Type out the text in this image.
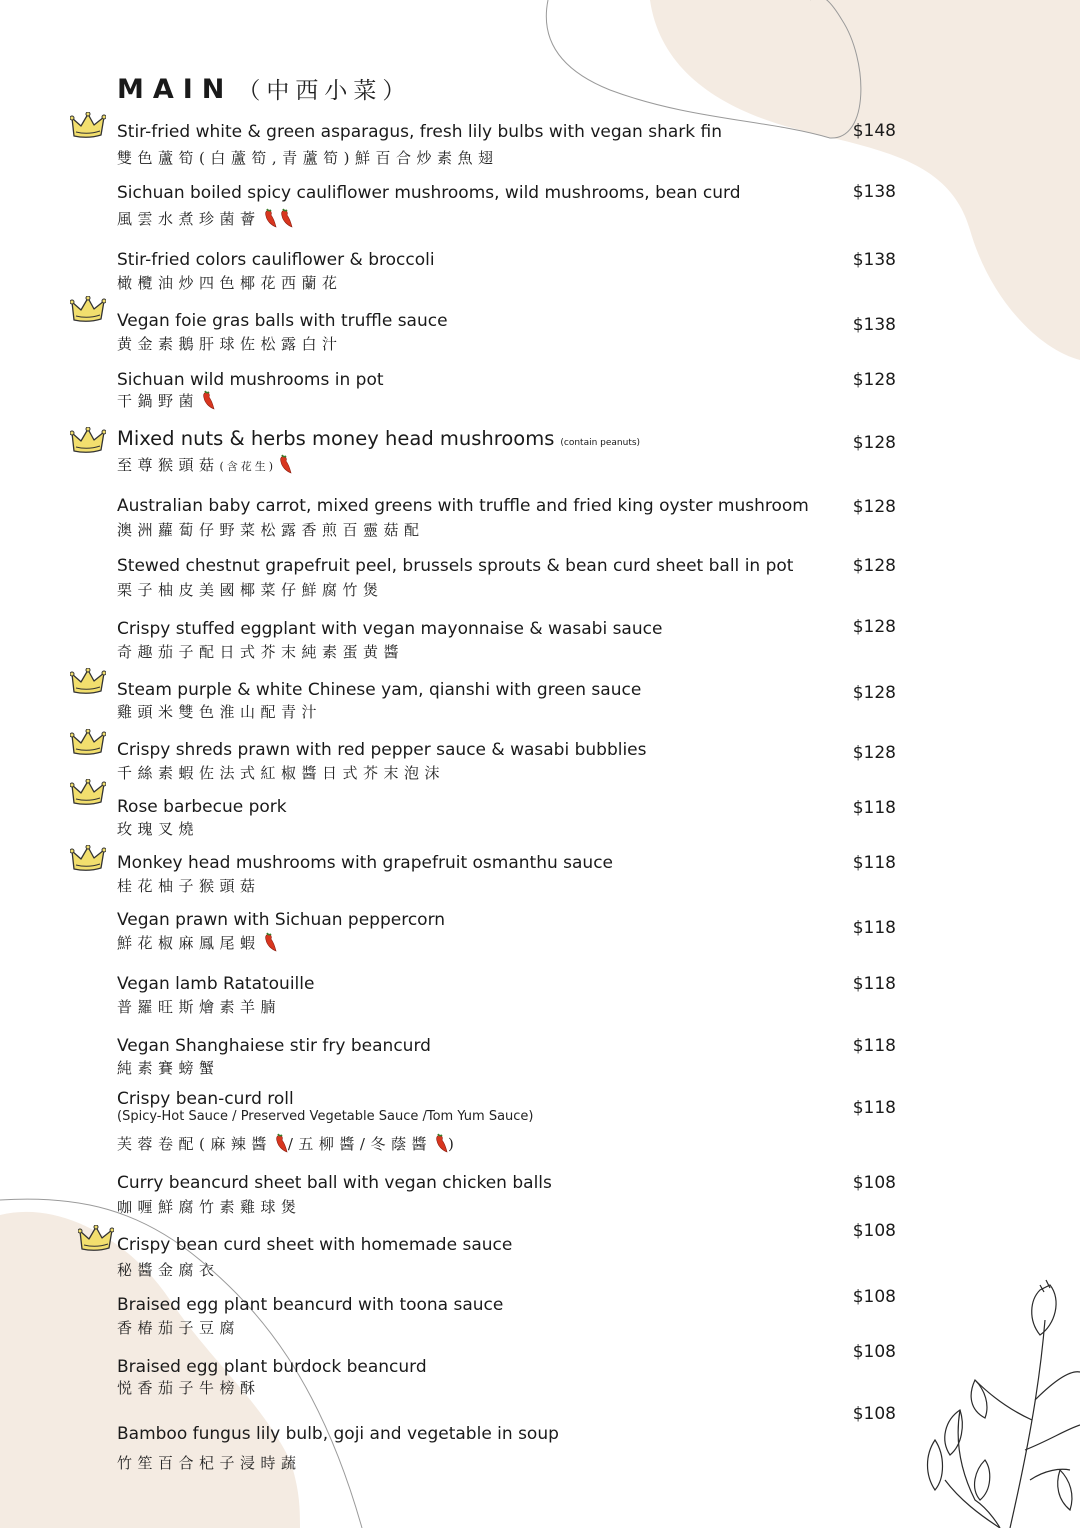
MAIN （中西小菜）
Stir-fried white & green asparagus, fresh lily bulbs with vegan shark fin
雙色蘆筍(白蘆筍,青蘆筍)鮮百合炒素魚翅
$148
Sichuan boiled spicy cauliflower mushrooms, wild mushrooms, bean curd
風雲水煮珍菌薈
$138
Stir-fried colors cauliflower & broccoli
橄欖油炒四色椰花西蘭花
$138
Vegan foie gras balls with truffle sauce
黄金素鵝肝球佐松露白汁
$138
Sichuan wild mushrooms in pot
干鍋野菌
$128
Mixed nuts & herbs money head mushrooms (contain peanuts)
至尊猴頭菇(含花生)
$128
Australian baby carrot, mixed greens with truffle and fried king oyster mushroom
澳洲蘿蔔仔野菜松露香煎百靈菇配
$128
Stewed chestnut grapefruit peel, brussels sprouts & bean curd sheet ball in pot
栗子柚皮美國椰菜仔鮮腐竹煲
$128
Crispy stuffed eggplant with vegan mayonnaise & wasabi sauce
奇趣茄子配日式芥末純素蛋黄醬
$128
Steam purple & white Chinese yam, qianshi with green sauce
雞頭米雙色淮山配青汁
$128
Crispy shreds prawn with red pepper sauce & wasabi bubblies
千絲素蝦佐法式紅椒醬日式芥末泡沫
$128
Rose barbecue pork
玫瑰叉燒
$118
Monkey head mushrooms with grapefruit osmanthu sauce
桂花柚子猴頭菇
$118
Vegan prawn with Sichuan peppercorn
鮮花椒麻鳳尾蝦
$118
Vegan lamb Ratatouille
普羅旺斯燴素羊腩
$118
Vegan Shanghaiese stir fry beancurd
純素賽螃蟹
$118
Crispy bean-curd roll
(Spicy-Hot Sauce / Preserved Vegetable Sauce /Tom Yum Sauce)
芙蓉卷配(麻辣醬 /五柳醬/冬蔭醬 )
$118
Curry beancurd sheet ball with vegan chicken balls
咖喱鮮腐竹素雞球煲
$108
Crispy bean curd sheet with homemade sauce
秘醬金腐衣
$108
Braised egg plant beancurd with toona sauce
香椿茄子豆腐
$108
Braised egg plant burdock beancurd
悦香茄子牛榜酥
$108
Bamboo fungus lily bulb, goji and vegetable in soup
竹笙百合杞子浸時蔬
$108
